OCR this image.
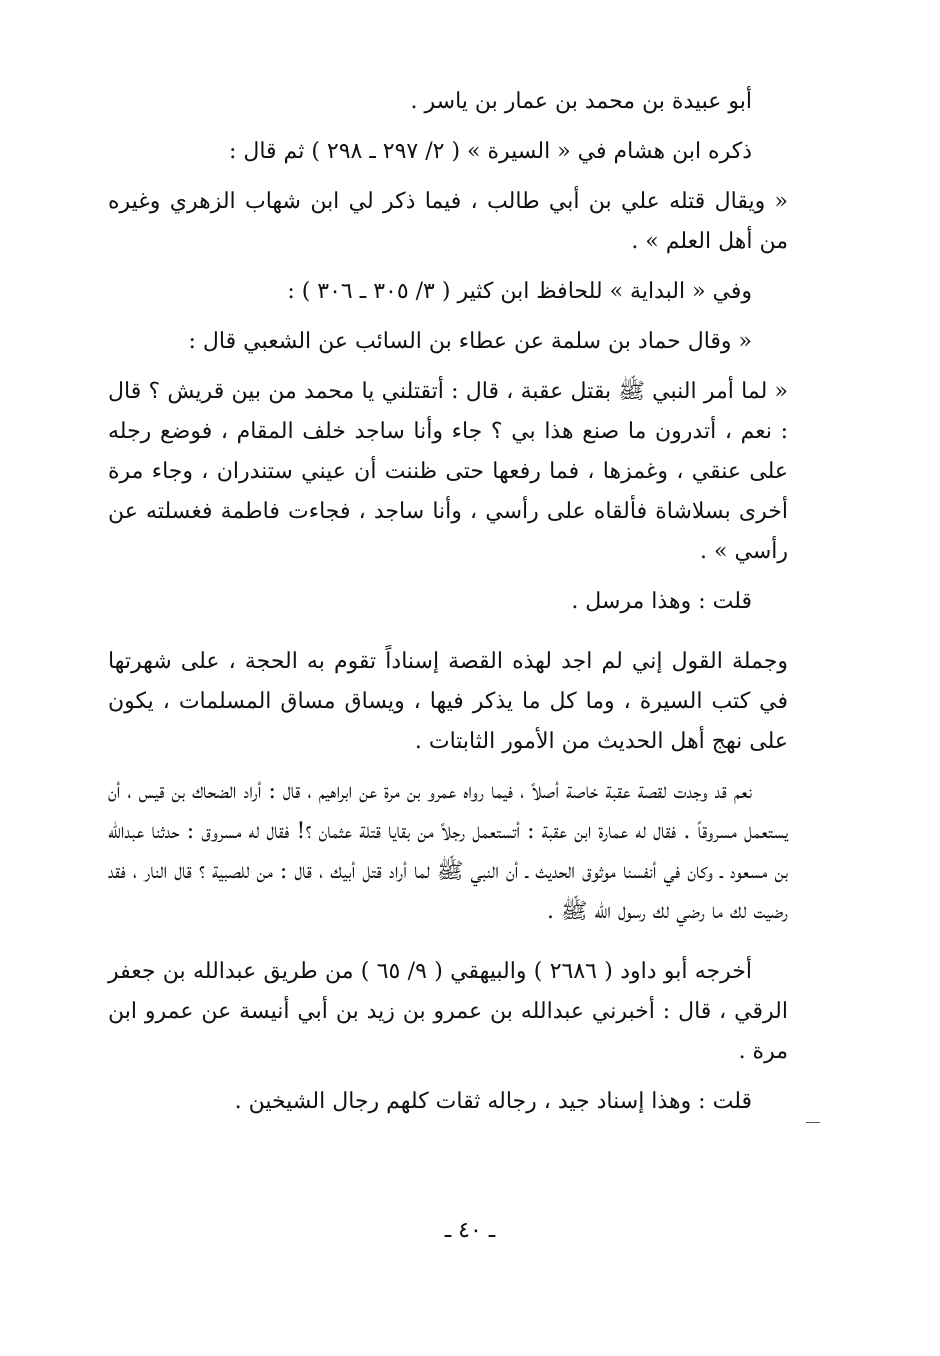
أبو عبيدة بن محمد بن عمار بن ياسر .

ذكره ابن هشام في « السيرة » ( ٢/ ٢٩٧ ـ ٢٩٨ ) ثم قال :

« ويقال قتله علي بن أبي طالب ، فيما ذكر لي ابن شهاب الزهري وغيره من أهل العلم » .

وفي « البداية » للحافظ ابن كثير ( ٣/ ٣٠٥ ـ ٣٠٦ ) :

« وقال حماد بن سلمة عن عطاء بن السائب عن الشعبي قال :

« لما أمر النبي ﷺ بقتل عقبة ، قال : أتقتلني يا محمد من بين قريش ؟ قال : نعم ، أتدرون ما صنع هذا بي ؟ جاء وأنا ساجد خلف المقام ، فوضع رجله على عنقي ، وغمزها ، فما رفعها حتى ظننت أن عيني ستندران ، وجاء مرة أخرى بسلاشاة فألقاه على رأسي ، وأنا ساجد ، فجاءت فاطمة فغسلته عن رأسي » .

قلت : وهذا مرسل .

وجملة القول إني لم اجد لهذه القصة إسناداً تقوم به الحجة ، على شهرتها في كتب السيرة ، وما كل ما يذكر فيها ، ويساق مساق المسلمات ، يكون على نهج أهل الحديث من الأمور الثابتات .

نعم قد وجدت لقصة عقبة خاصة أصلاً ، فيما رواه عمرو بن مرة عن ابراهيم ، قال : أراد الضحاك بن قيس ، أن يستعمل مسروقاً . فقال له عمارة ابن عقبة : أتستعمل رجلاً من بقايا قتلة عثمان ؟! فقال له مسروق : حدثنا عبدالله بن مسعود ـ وكان في أنفسنا موثوق الحديث ـ أن النبي ﷺ لما أراد قتل أبيك ، قال : من للصبية ؟ قال النار ، فقد رضيت لك ما رضي لك رسول الله ﷺ .

أخرجه أبو داود ( ٢٦٨٦ ) والبيهقي ( ٩/ ٦٥ ) من طريق عبدالله بن جعفر الرقي ، قال : أخبرني عبدالله بن عمرو بن زيد بن أبي أنيسة عن عمرو ابن مرة .

قلت : وهذا إسناد جيد ، رجاله ثقات كلهم رجال الشيخين .

ـ ٤٠ ـ
